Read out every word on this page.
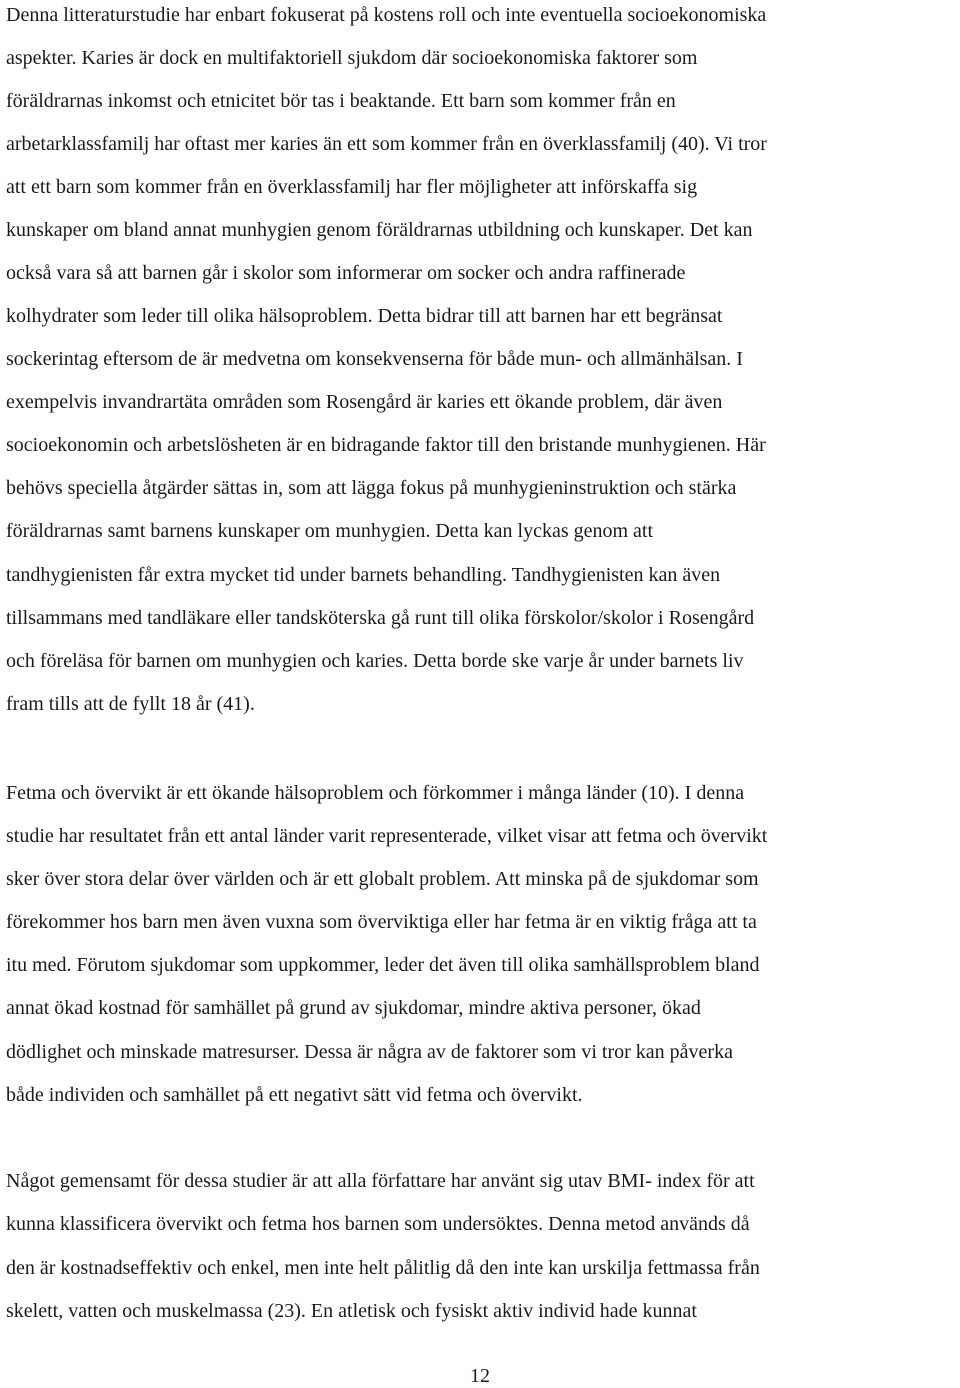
Denna litteraturstudie har enbart fokuserat på kostens roll och inte eventuella socioekonomiska
aspekter. Karies är dock en multifaktoriell sjukdom där socioekonomiska faktorer som
föräldrarnas inkomst och etnicitet bör tas i beaktande. Ett barn som kommer från en
arbetarklassfamilj har oftast mer karies än ett som kommer från en överklassfamilj (40). Vi tror
att ett barn som kommer från en överklassfamilj har fler möjligheter att införskaffa sig
kunskaper om bland annat munhygien genom föräldrarnas utbildning och kunskaper. Det kan
också vara så att barnen går i skolor som informerar om socker och andra raffinerade
kolhydrater som leder till olika hälsoproblem. Detta bidrar till att barnen har ett begränsat
sockerintag eftersom de är medvetna om konsekvenserna för både mun- och allmänhälsan. I
exempelvis invandrartäta områden som Rosengård är karies ett ökande problem, där även
socioekonomin och arbetslösheten är en bidragande faktor till den bristande munhygienen. Här
behövs speciella åtgärder sättas in, som att lägga fokus på munhygieninstruktion och stärka
föräldrarnas samt barnens kunskaper om munhygien. Detta kan lyckas genom att
tandhygienisten får extra mycket tid under barnets behandling. Tandhygienisten kan även
tillsammans med tandläkare eller tandsköterska gå runt till olika förskolor/skolor i Rosengård
och föreläsa för barnen om munhygien och karies. Detta borde ske varje år under barnets liv
fram tills att de fyllt 18 år (41).
Fetma och övervikt är ett ökande hälsoproblem och förkommer i många länder (10). I denna
studie har resultatet från ett antal länder varit representerade, vilket visar att fetma och övervikt
sker över stora delar över världen och är ett globalt problem. Att minska på de sjukdomar som
förekommer hos barn men även vuxna som överviktiga eller har fetma är en viktig fråga att ta
itu med. Förutom sjukdomar som uppkommer, leder det även till olika samhällsproblem bland
annat ökad kostnad för samhället på grund av sjukdomar, mindre aktiva personer, ökad
dödlighet och minskade matresurser. Dessa är några av de faktorer som vi tror kan påverka
både individen och samhället på ett negativt sätt vid fetma och övervikt.
Något gemensamt för dessa studier är att alla författare har använt sig utav BMI- index för att
kunna klassificera övervikt och fetma hos barnen som undersöktes. Denna metod används då
den är kostnadseffektiv och enkel, men inte helt pålitlig då den inte kan urskilja fettmassa från
skelett, vatten och muskelmassa (23). En atletisk och fysiskt aktiv individ hade kunnat
12
